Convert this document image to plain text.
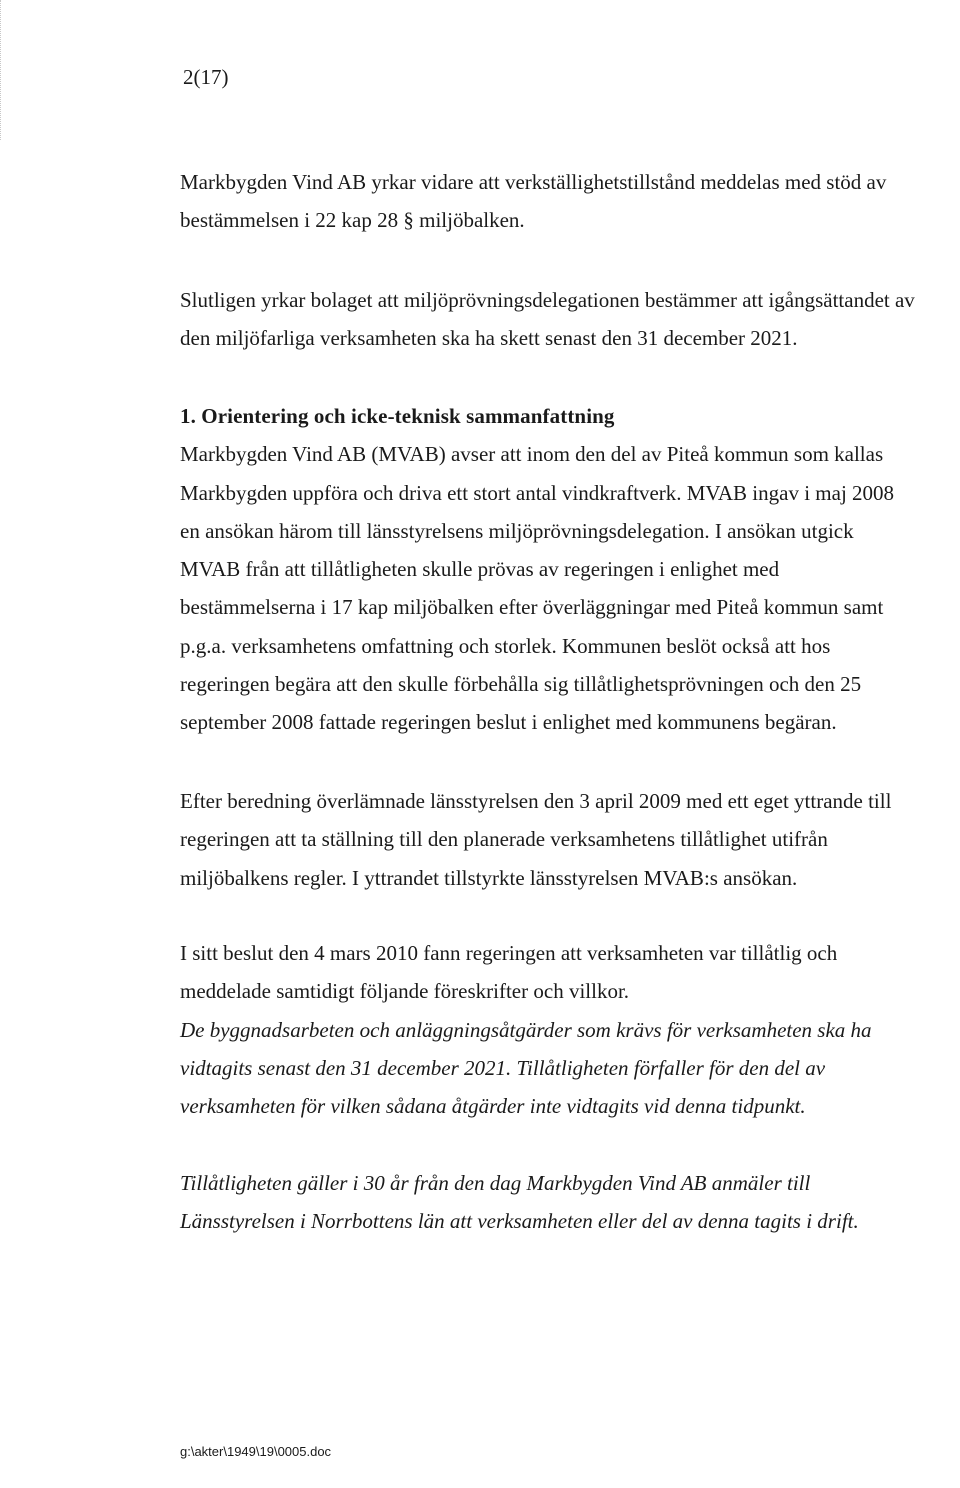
2(17)
Markbygden Vind AB yrkar vidare att verkställighetstillstånd meddelas med stöd av
bestämmelsen i 22 kap 28 § miljöbalken.
Slutligen yrkar bolaget att miljöprövningsdelegationen bestämmer att igångsättandet av
den miljöfarliga verksamheten ska ha skett senast den 31 december 2021.
1. Orientering och icke-teknisk sammanfattning
Markbygden Vind AB (MVAB) avser att inom den del av Piteå kommun som kallas
Markbygden uppföra och driva ett stort antal vindkraftverk. MVAB ingav i maj 2008
en ansökan härom till länsstyrelsens miljöprövningsdelegation. I ansökan utgick
MVAB från att tillåtligheten skulle prövas av regeringen i enlighet med
bestämmelserna i 17 kap miljöbalken efter överläggningar med Piteå kommun samt
p.g.a. verksamhetens omfattning och storlek. Kommunen beslöt också att hos
regeringen begära att den skulle förbehålla sig tillåtlighetsprövningen och den 25
september 2008 fattade regeringen beslut i enlighet med kommunens begäran.
Efter beredning överlämnade länsstyrelsen den 3 april 2009 med ett eget yttrande till
regeringen att ta ställning till den planerade verksamhetens tillåtlighet utifrån
miljöbalkens regler. I yttrandet tillstyrkte länsstyrelsen MVAB:s ansökan.
I sitt beslut den 4 mars 2010 fann regeringen att verksamheten var tillåtlig och
meddelade samtidigt följande föreskrifter och villkor.
De byggnadsarbeten och anläggningsåtgärder som krävs för verksamheten ska ha
vidtagits senast den 31 december 2021. Tillåtligheten förfaller för den del av
verksamheten för vilken sådana åtgärder inte vidtagits vid denna tidpunkt.
Tillåtligheten gäller i 30 år från den dag Markbygden Vind AB anmäler till
Länsstyrelsen i Norrbottens län att verksamheten eller del av denna tagits i drift.
g:\akter\1949\19\0005.doc
